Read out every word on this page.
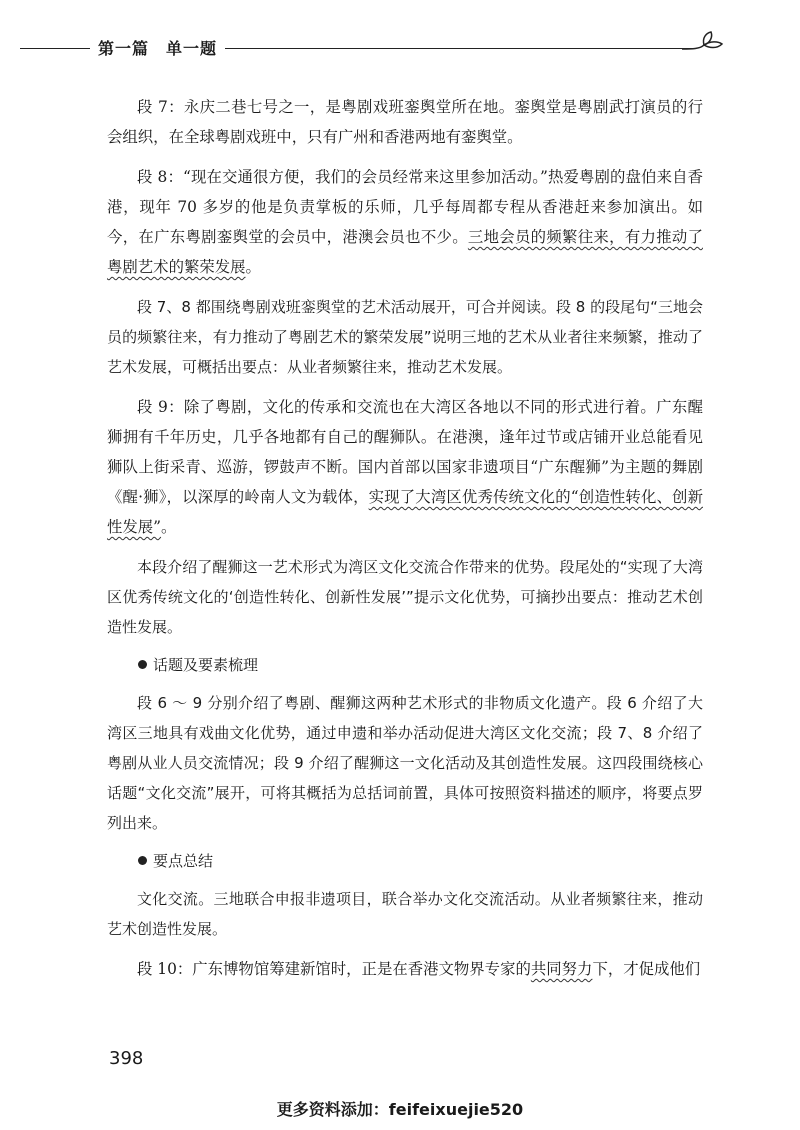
第一篇　单一题

段 7：永庆二巷七号之一，是粤剧戏班銮舆堂所在地。銮舆堂是粤剧武打演员的行会组织，在全球粤剧戏班中，只有广州和香港两地有銮舆堂。

段 8：“现在交通很方便，我们的会员经常来这里参加活动。”热爱粤剧的盘伯来自香港，现年 70 多岁的他是负责掌板的乐师，几乎每周都专程从香港赶来参加演出。如今，在广东粤剧銮舆堂的会员中，港澳会员也不少。三地会员的频繁往来，有力推动了粤剧艺术的繁荣发展。

段 7、8 都围绕粤剧戏班銮舆堂的艺术活动展开，可合并阅读。段 8 的段尾句“三地会员的频繁往来，有力推动了粤剧艺术的繁荣发展”说明三地的艺术从业者往来频繁，推动了艺术发展，可概括出要点：从业者频繁往来，推动艺术发展。

段 9：除了粤剧，文化的传承和交流也在大湾区各地以不同的形式进行着。广东醒狮拥有千年历史，几乎各地都有自己的醒狮队。在港澳，逢年过节或店铺开业总能看见狮队上街采青、巡游，锣鼓声不断。国内首部以国家非遗项目“广东醒狮”为主题的舞剧《醒·狮》，以深厚的岭南人文为载体，实现了大湾区优秀传统文化的“创造性转化、创新性发展”。

本段介绍了醒狮这一艺术形式为湾区文化交流合作带来的优势。段尾处的“实现了大湾区优秀传统文化的‘创造性转化、创新性发展’”提示文化优势，可摘抄出要点：推动艺术创造性发展。

话题及要素梳理

段 6 ～ 9 分别介绍了粤剧、醒狮这两种艺术形式的非物质文化遗产。段 6 介绍了大湾区三地具有戏曲文化优势，通过申遗和举办活动促进大湾区文化交流；段 7、8 介绍了粤剧从业人员交流情况；段 9 介绍了醒狮这一文化活动及其创造性发展。这四段围绕核心话题“文化交流”展开，可将其概括为总括词前置，具体可按照资料描述的顺序，将要点罗列出来。

要点总结

文化交流。三地联合申报非遗项目，联合举办文化交流活动。从业者频繁往来，推动艺术创造性发展。

段 10：广东博物馆筹建新馆时，正是在香港文物界专家的共同努力下，才促成他们

398
更多资料添加：feifeixuejie520
